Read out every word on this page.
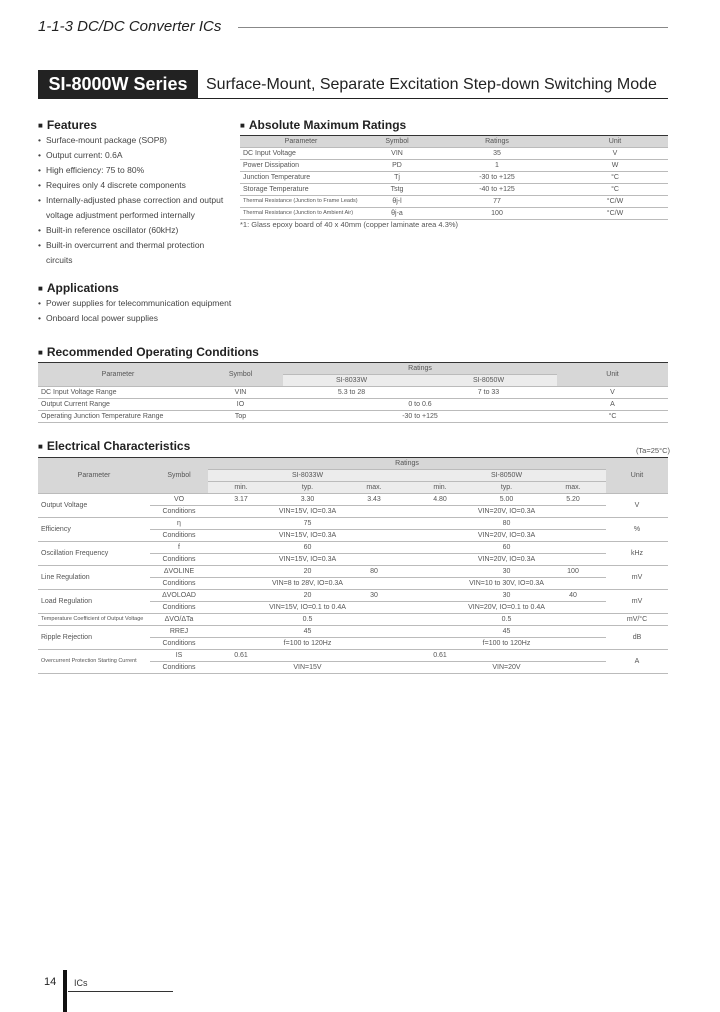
1-1-3 DC/DC Converter ICs
SI-8000W Series	Surface-Mount, Separate Excitation Step-down Switching Mode
■ Features
• Surface-mount package (SOP8)
• Output current: 0.6A
• High efficiency: 75 to 80%
• Requires only 4 discrete components
• Internally-adjusted phase correction and output voltage adjustment performed internally
• Built-in reference oscillator (60kHz)
• Built-in overcurrent and thermal protection circuits
■ Applications
• Power supplies for telecommunication equipment
• Onboard local power supplies
■ Absolute Maximum Ratings
Parameter	Symbol	Ratings	Unit
DC Input Voltage	VIN	35	V
Power Dissipation	PD	1	W
Junction Temperature	Tj	-30 to +125	°C
Storage Temperature	Tstg	-40 to +125	°C
Thermal Resistance (Junction to Frame Leads)	θj-l	77	°C/W
Thermal Resistance (Junction to Ambient Air)	θj-a	100	°C/W
*1: Glass epoxy board of 40 x 40mm (copper laminate area 4.3%)
■ Recommended Operating Conditions
Parameter	Symbol	Ratings		Unit
		SI-8033W	SI-8050W	
DC Input Voltage Range	VIN	5.3 to 28	7 to 33	V
Output Current Range	IO	0 to 0.6		A
Operating Junction Temperature Range	Top	-30 to +125		°C
■ Electrical Characteristics	(Ta=25°C)
Parameter	Symbol	Ratings						Unit
		SI-8033W			SI-8050W			
		min.	typ.	max.	min.	typ.	max.	
Output Voltage	VO	3.17	3.30	3.43	4.80	5.00	5.20	V
	Conditions	VIN=15V, IO=0.3A			VIN=20V, IO=0.3A			
Efficiency	η		75			80		%
	Conditions	VIN=15V, IO=0.3A			VIN=20V, IO=0.3A			
Oscillation Frequency	f		60			60		kHz
	Conditions	VIN=15V, IO=0.3A			VIN=20V, IO=0.3A			
Line Regulation	ΔVOLINE		20	80		30	100	mV
	Conditions	VIN=8 to 28V, IO=0.3A			VIN=10 to 30V, IO=0.3A			
Load Regulation	ΔVOLOAD		20	30		30	40	mV
	Conditions	VIN=15V, IO=0.1 to 0.4A			VIN=20V, IO=0.1 to 0.4A			
Temperature Coefficient of Output Voltage	ΔVO/ΔTa		0.5			0.5		mV/°C
Ripple Rejection	RREJ		45			45		dB
	Conditions	f=100 to 120Hz			f=100 to 120Hz			
Overcurrent Protection Starting Current	IS	0.61			0.61			A
	Conditions	VIN=15V			VIN=20V			
14 ICs
